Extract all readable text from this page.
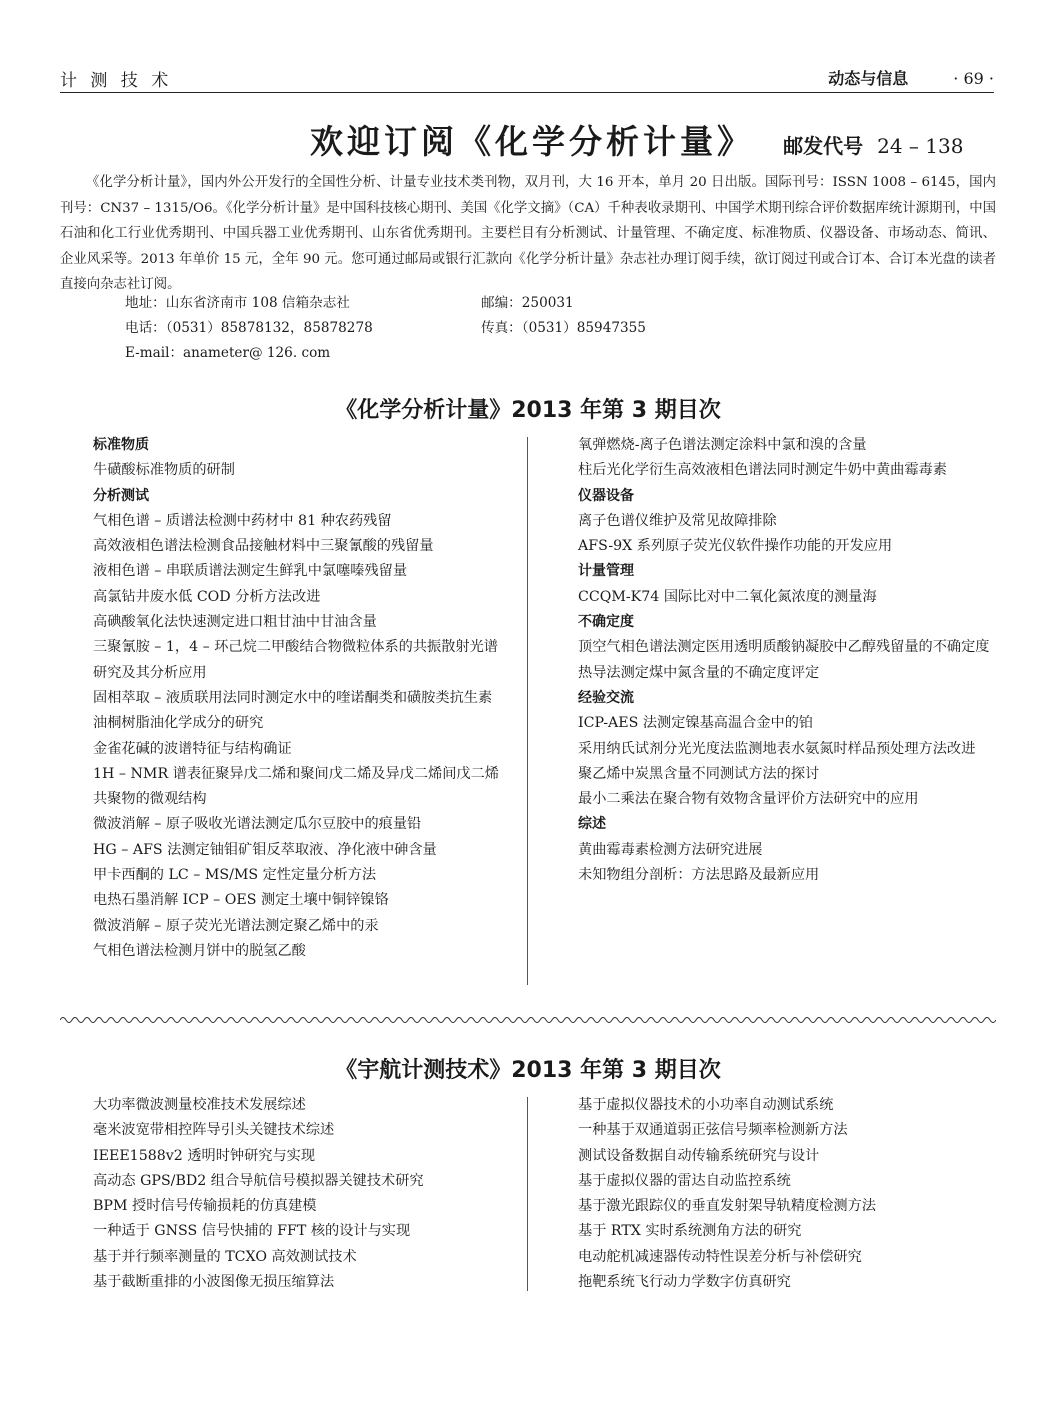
计 测 技 术	动态与信息	· 69 ·
欢迎订阅《化学分析计量》 邮发代号 24 – 138

《化学分析计量》，国内外公开发行的全国性分析、计量专业技术类刊物，双月刊，大 16 开本，单月 20 日出版。国际刊号：ISSN 1008 – 6145，国内刊号：CN37 – 1315/O6。《化学分析计量》是中国科技核心期刊、美国《化学文摘》（CA）千种表收录期刊、中国学术期刊综合评价数据库统计源期刊，中国石油和化工行业优秀期刊、中国兵器工业优秀期刊、山东省优秀期刊。主要栏目有分析测试、计量管理、不确定度、标准物质、仪器设备、市场动态、简讯、企业风采等。2013 年单价 15 元，全年 90 元。您可通过邮局或银行汇款向《化学分析计量》杂志社办理订阅手续，欲订阅过刊或合订本、合订本光盘的读者直接向杂志社订阅。

地址：山东省济南市 108 信箱杂志社	邮编：250031
电话：（0531）85878132，85878278	传真：（0531）85947355
E-mail：anameter@ 126. com
《化学分析计量》2013 年第 3 期目次
标准物质
牛磺酸标准物质的研制
分析测试
气相色谱 – 质谱法检测中药材中 81 种农药残留
高效液相色谱法检测食品接触材料中三聚氰酸的残留量
液相色谱 – 串联质谱法测定生鲜乳中氯噻嗪残留量
高氯钻井废水低 COD 分析方法改进
高碘酸氧化法快速测定进口粗甘油中甘油含量
三聚氰胺 – 1，4 – 环己烷二甲酸结合物微粒体系的共振散射光谱研究及其分析应用
固相萃取 – 液质联用法同时测定水中的喹诺酮类和磺胺类抗生素
油桐树脂油化学成分的研究
金雀花碱的波谱特征与结构确证
1H – NMR 谱表征聚异戊二烯和聚间戊二烯及异戊二烯间戊二烯共聚物的微观结构
微波消解 – 原子吸收光谱法测定瓜尔豆胶中的痕量铅
HG – AFS 法测定铀钼矿钼反萃取液、净化液中砷含量
甲卡西酮的 LC – MS/MS 定性定量分析方法
电热石墨消解 ICP – OES 测定土壤中铜锌镍铬
微波消解 – 原子荧光光谱法测定聚乙烯中的汞
气相色谱法检测月饼中的脱氢乙酸
氧弹燃烧-离子色谱法测定涂料中氯和溴的含量
柱后光化学衍生高效液相色谱法同时测定牛奶中黄曲霉毒素
仪器设备
离子色谱仪维护及常见故障排除
AFS-9X 系列原子荧光仪软件操作功能的开发应用
计量管理
CCQM-K74 国际比对中二氧化氮浓度的测量海
不确定度
顶空气相色谱法测定医用透明质酸钠凝胶中乙醇残留量的不确定度
热导法测定煤中氮含量的不确定度评定
经验交流
ICP-AES 法测定镍基高温合金中的铂
采用纳氏试剂分光光度法监测地表水氨氮时样品预处理方法改进
聚乙烯中炭黑含量不同测试方法的探讨
最小二乘法在聚合物有效物含量评价方法研究中的应用
综述
黄曲霉毒素检测方法研究进展
未知物组分剖析：方法思路及最新应用
《宇航计测技术》2013 年第 3 期目次
大功率微波测量校准技术发展综述
毫米波宽带相控阵导引头关键技术综述
IEEE1588v2 透明时钟研究与实现
高动态 GPS/BD2 组合导航信号模拟器关键技术研究
BPM 授时信号传输损耗的仿真建模
一种适于 GNSS 信号快捕的 FFT 核的设计与实现
基于并行频率测量的 TCXO 高效测试技术
基于截断重排的小波图像无损压缩算法
基于虚拟仪器技术的小功率自动测试系统
一种基于双通道弱正弦信号频率检测新方法
测试设备数据自动传输系统研究与设计
基于虚拟仪器的雷达自动监控系统
基于激光跟踪仪的垂直发射架导轨精度检测方法
基于 RTX 实时系统测角方法的研究
电动舵机减速器传动特性误差分析与补偿研究
拖靶系统飞行动力学数字仿真研究
